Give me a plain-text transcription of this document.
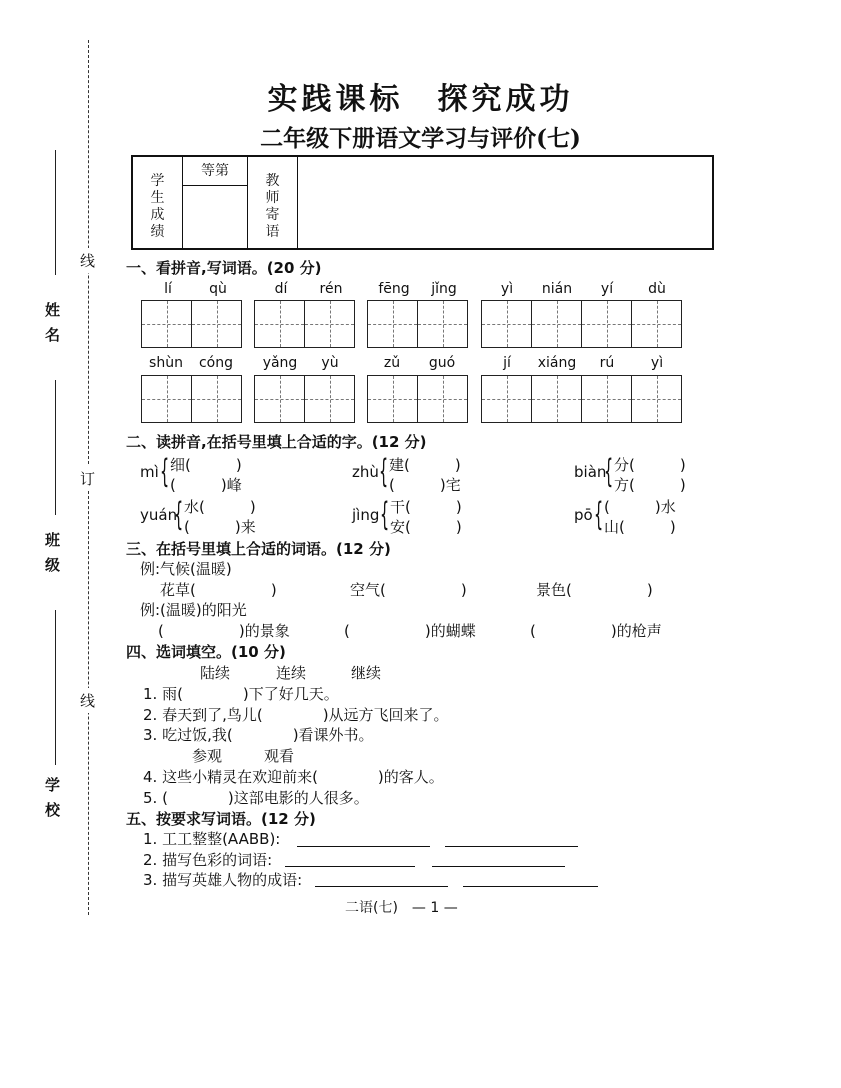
线
订
线
姓名
班级
学校
实践课标　探究成功
二年级下册语文学习与评价(七)
学
生
成
绩
等第
教
师
寄
语
一、看拼音,写词语。(20 分)
lí	qù	dí	rén	fēng	jǐng	yì	nián	yí	dù
shùn	cóng	yǎng	yù	zǔ	guó	jí	xiáng	rú	yì
二、读拼音,在括号里填上合适的字。(12 分)
mì { 细(　　　)
(　　　)峰
zhù { 建(　　　)
(　　　)宅
biàn
{ 分(　　　)
方(　　　)
yuán
{ 水(　　　)
(　　　)来
jìng { 干(　　　)
安(　　　)
pō { (　　　)水
山(　　　)
三、在括号里填上合适的词语。(12 分)
例:气候(温暖)
花草(　　　　　)	空气(　　　　　)	景色(　　　　　)
例:(温暖)的阳光
(　　　　　)的景象	(　　　　　)的蝴蝶	(　　　　　)的枪声
四、选词填空。(10 分)
陆续	连续	继续
1. 雨(　　　　)下了好几天。
2. 春天到了,鸟儿(　　　　)从远方飞回来了。
3. 吃过饭,我(　　　　)看课外书。
参观	观看
4. 这些小精灵在欢迎前来(　　　　)的客人。
5. (　　　　)这部电影的人很多。
五、按要求写词语。(12 分)
1. 工工整整(AABB):
2. 描写色彩的词语:
3. 描写英雄人物的成语:
二语(七)　— 1 —
